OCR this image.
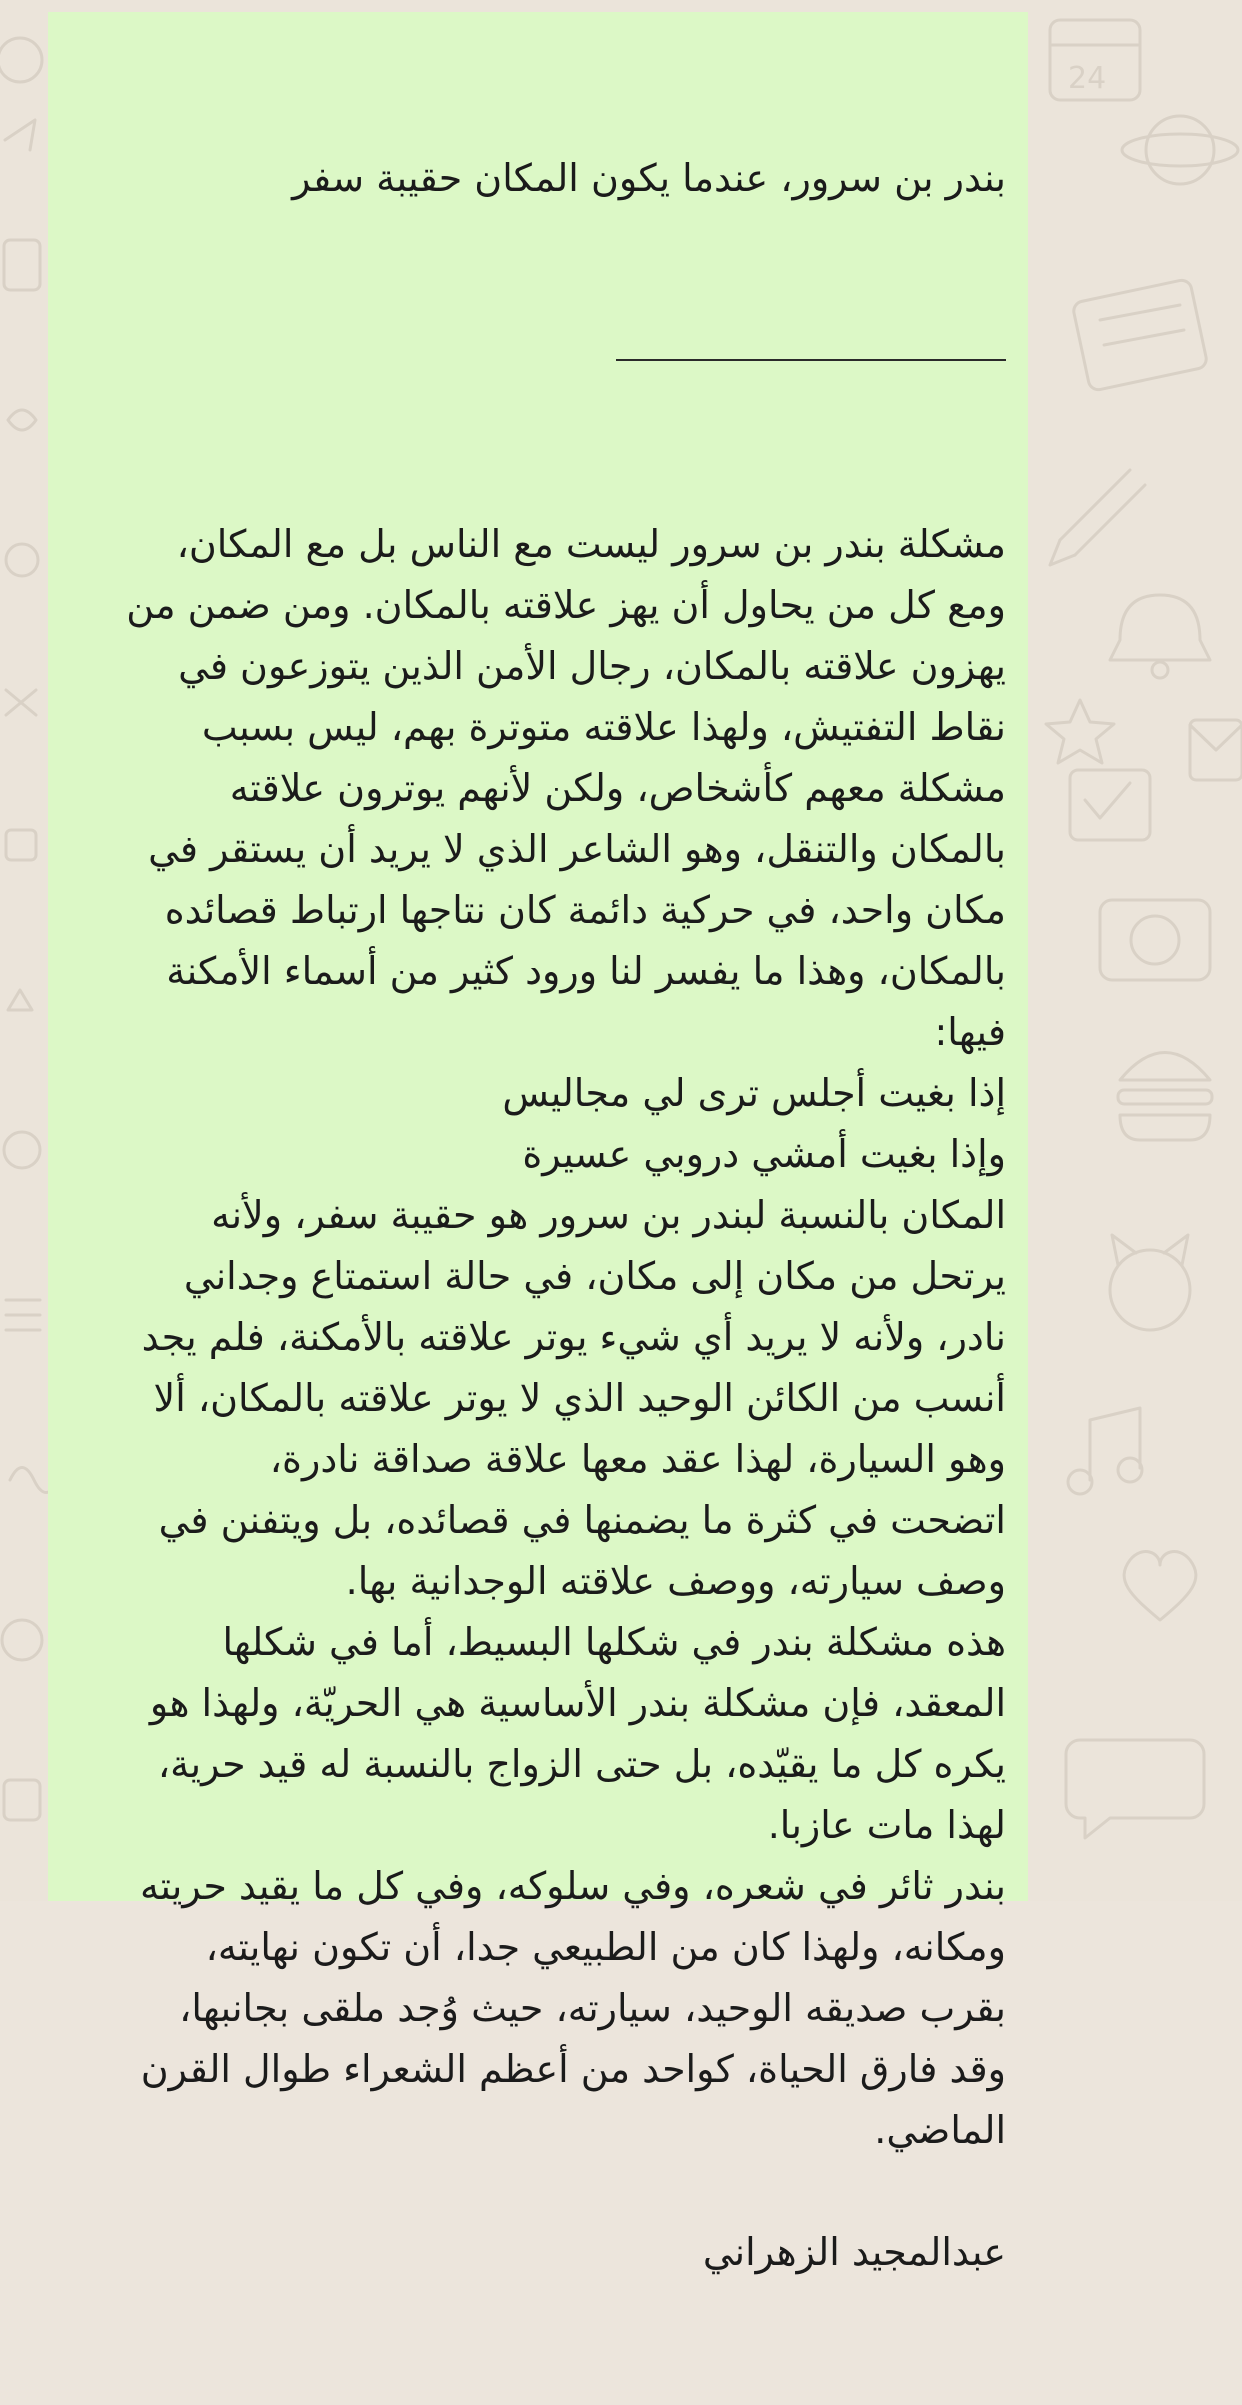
24

بندر بن سرور، عندما يكون المكان حقيبة سفر

مشكلة بندر بن سرور ليست مع الناس بل مع المكان،
ومع كل من يحاول أن يهز علاقته بالمكان. ومن ضمن من
يهزون علاقته بالمكان، رجال الأمن الذين يتوزعون في
نقاط التفتيش، ولهذا علاقته متوترة بهم، ليس بسبب
مشكلة معهم كأشخاص، ولكن لأنهم يوترون علاقته
بالمكان والتنقل، وهو الشاعر الذي لا يريد أن يستقر في
مكان واحد، في حركية دائمة كان نتاجها ارتباط قصائده
بالمكان، وهذا ما يفسر لنا ورود كثير من أسماء الأمكنة
فيها:
إذا بغيت أجلس ترى لي مجاليس
وإذا بغيت أمشي دروبي عسيرة
المكان بالنسبة لبندر بن سرور هو حقيبة سفر، ولأنه
يرتحل من مكان إلى مكان، في حالة استمتاع وجداني
نادر، ولأنه لا يريد أي شيء يوتر علاقته بالأمكنة، فلم يجد
أنسب من الكائن الوحيد الذي لا يوتر علاقته بالمكان، ألا
وهو السيارة، لهذا عقد معها علاقة صداقة نادرة،
اتضحت في كثرة ما يضمنها في قصائده، بل ويتفنن في
وصف سيارته، ووصف علاقته الوجدانية بها.
هذه مشكلة بندر في شكلها البسيط، أما في شكلها
المعقد، فإن مشكلة بندر الأساسية هي الحريّة، ولهذا هو
يكره كل ما يقيّده، بل حتى الزواج بالنسبة له قيد حرية،
لهذا مات عازبا.
بندر ثائر في شعره، وفي سلوكه، وفي كل ما يقيد حريته
ومكانه، ولهذا كان من الطبيعي جدا، أن تكون نهايته،
بقرب صديقه الوحيد، سيارته، حيث وُجد ملقى بجانبها،
وقد فارق الحياة، كواحد من أعظم الشعراء طوال القرن
الماضي.
عبدالمجيد الزهراني
